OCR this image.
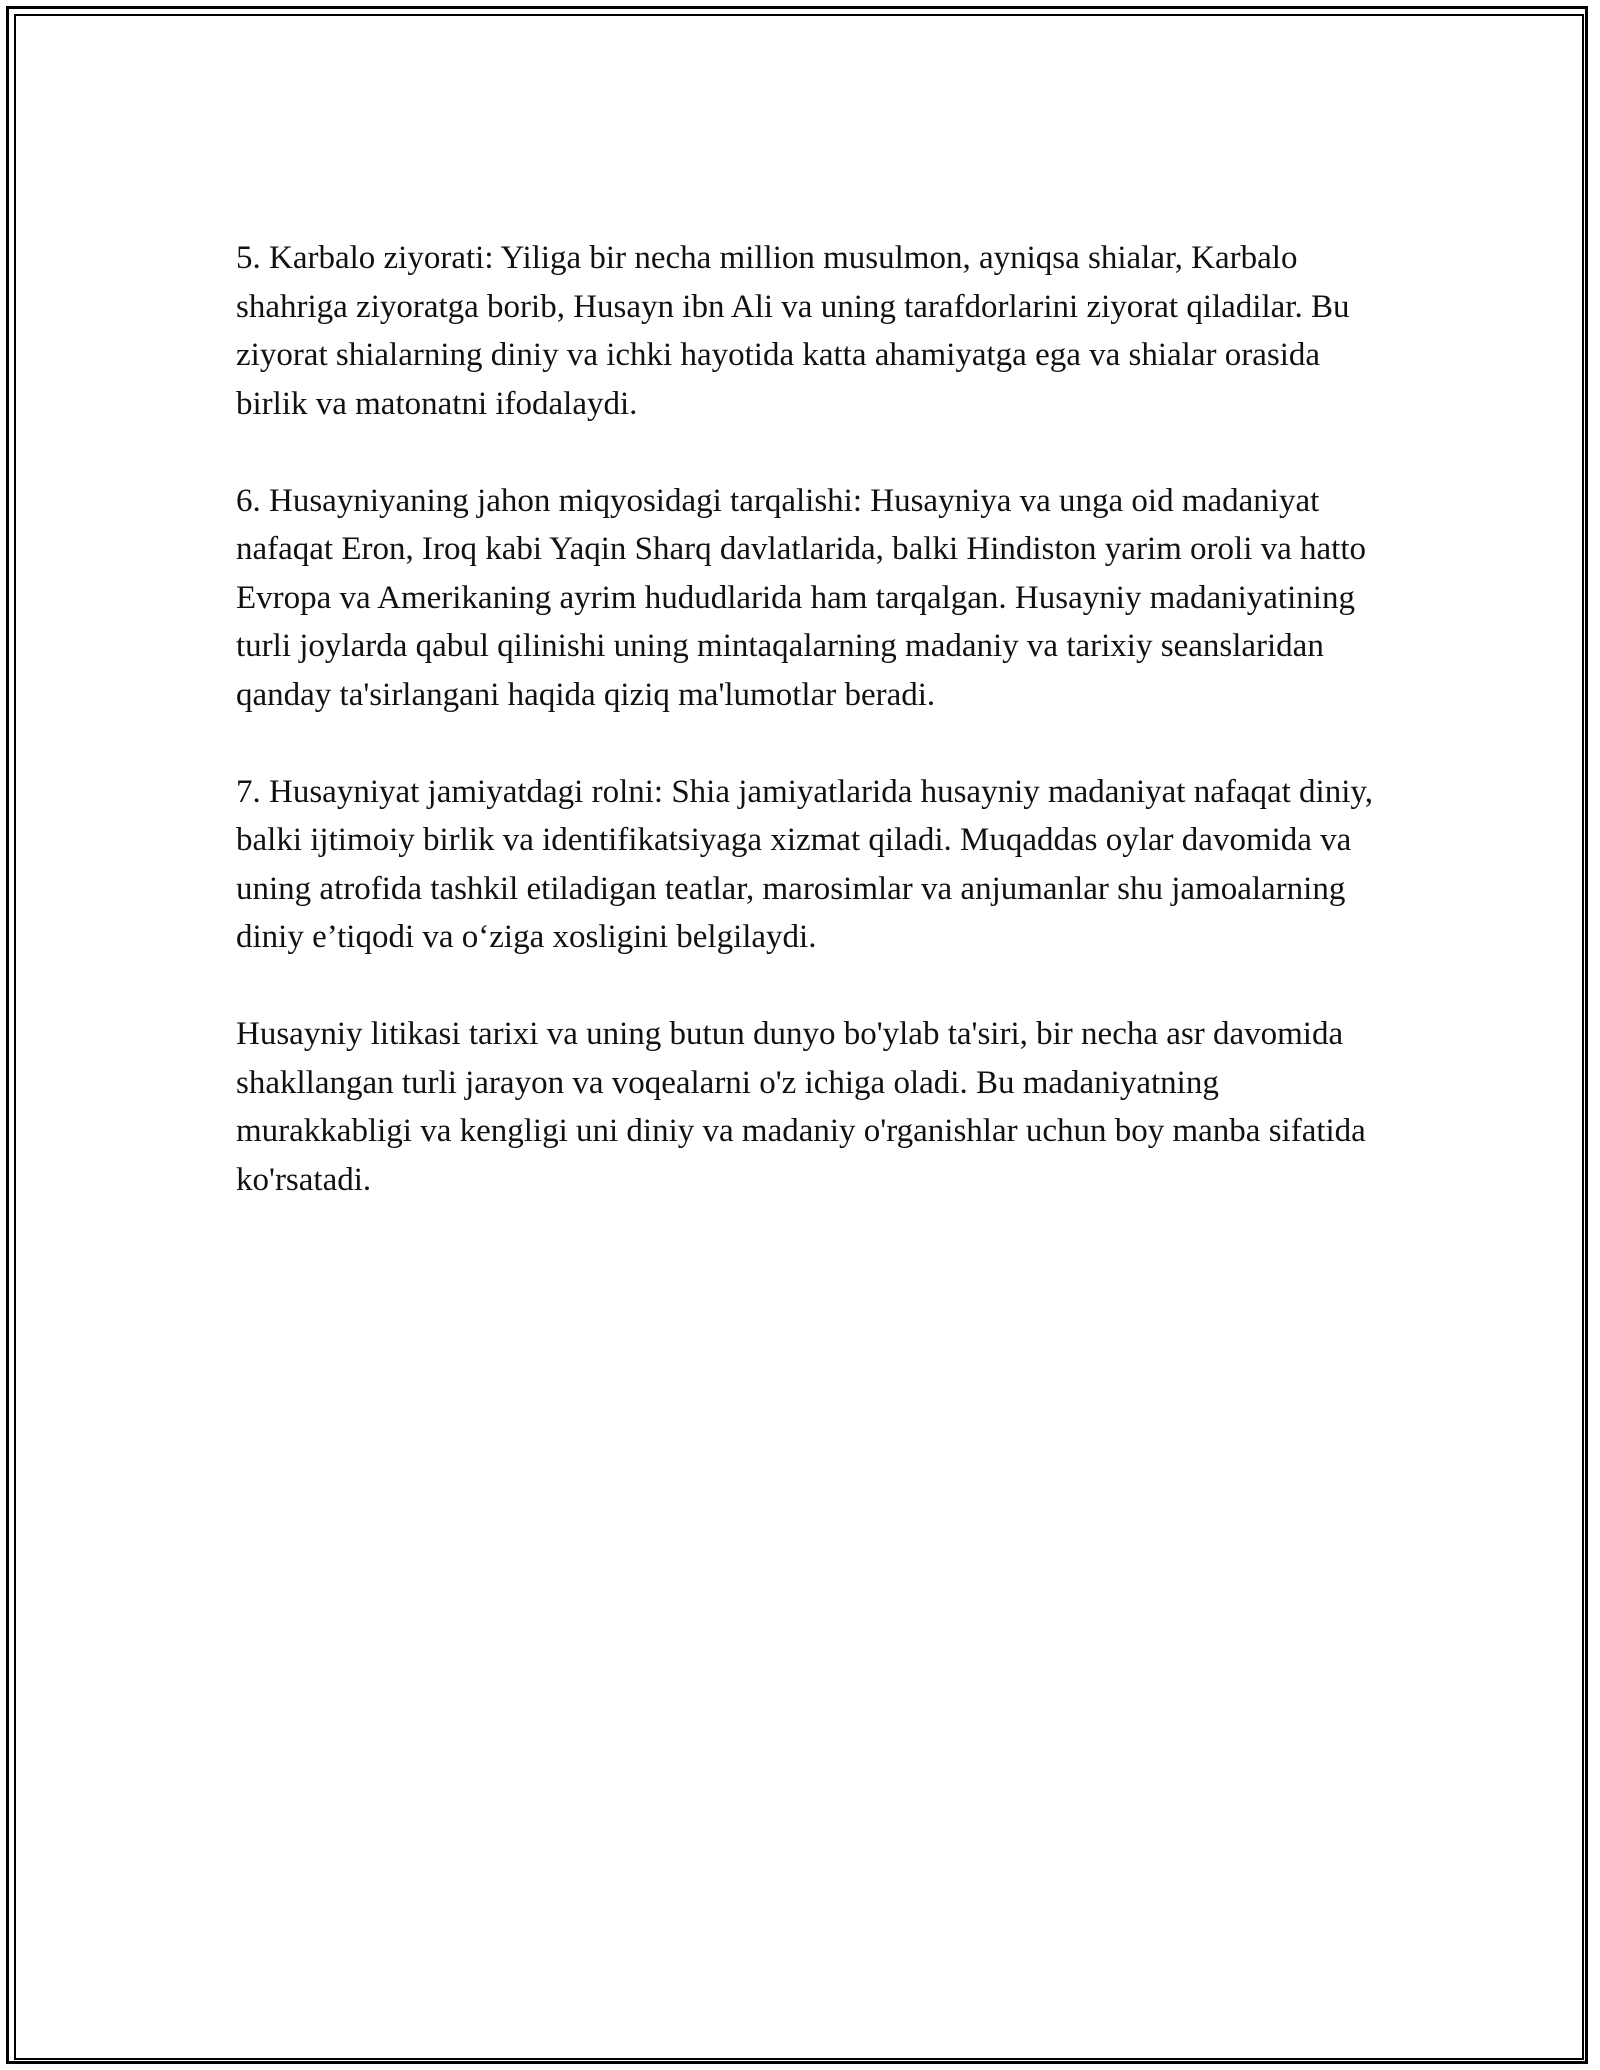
5. Karbalo ziyorati: Yiliga bir necha million musulmon, ayniqsa shialar, Karbalo shahriga ziyoratga borib, Husayn ibn Ali va uning tarafdorlarini ziyorat qiladilar. Bu ziyorat shialarning diniy va ichki hayotida katta ahamiyatga ega va shialar orasida birlik va matonatni ifodalaydi.

6. Husayniyaning jahon miqyosidagi tarqalishi: Husayniya va unga oid madaniyat nafaqat Eron, Iroq kabi Yaqin Sharq davlatlarida, balki Hindiston yarim oroli va hatto Evropa va Amerikaning ayrim hududlarida ham tarqalgan. Husayniy madaniyatining turli joylarda qabul qilinishi uning mintaqalarning madaniy va tarixiy seanslaridan qanday ta'sirlangani haqida qiziq ma'lumotlar beradi.

7. Husayniyat jamiyatdagi rolni: Shia jamiyatlarida husayniy madaniyat nafaqat diniy, balki ijtimoiy birlik va identifikatsiyaga xizmat qiladi. Muqaddas oylar davomida va uning atrofida tashkil etiladigan teatlar, marosimlar va anjumanlar shu jamoalarning diniy e’tiqodi va o‘ziga xosligini belgilaydi.

Husayniy litikasi tarixi va uning butun dunyo bo'ylab ta'siri, bir necha asr davomida shakllangan turli jarayon va voqealarni o'z ichiga oladi. Bu madaniyatning murakkabligi va kengligi uni diniy va madaniy o'rganishlar uchun boy manba sifatida ko'rsatadi.
